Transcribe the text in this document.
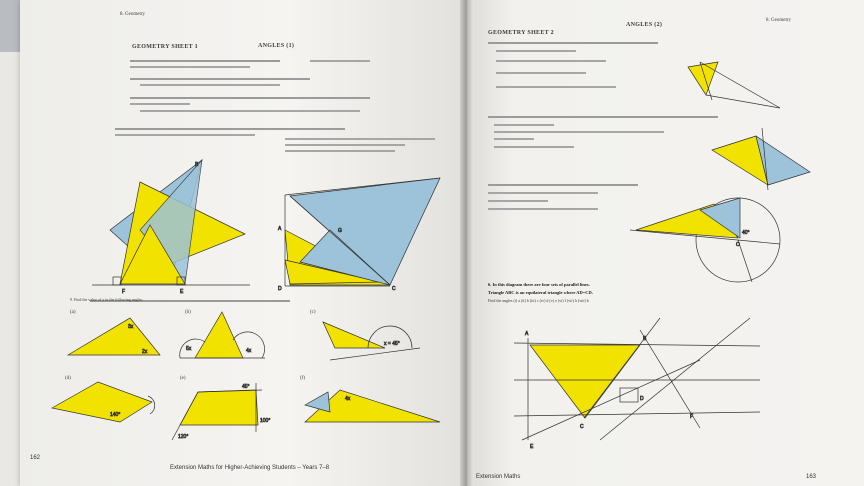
8. Geometry
GEOMETRY SHEET 1	ANGLES (1)
9. Find the value of x in the following angles:
(a)	(b)	(c)
(d)	(e)	(f)
Extension Maths for Higher-Achieving Students – Years 7–8
162
GEOMETRY SHEET 2
ANGLES (2)
8. Geometry
6. In this diagram there are four sets of parallel lines.
Triangle ABC is an equilateral triangle where AD=CD.
Find the angles (i) a (ii) b (iii) c (iv) d (v) e (vi) f (vii) h (viii) k
Extension Maths	163
B
F	E
A
D	C
G
3x
2x	5x	4x
x = 45°
140°
45°
100°
120°
4x
40°
O
A
B
C
D
E
F
